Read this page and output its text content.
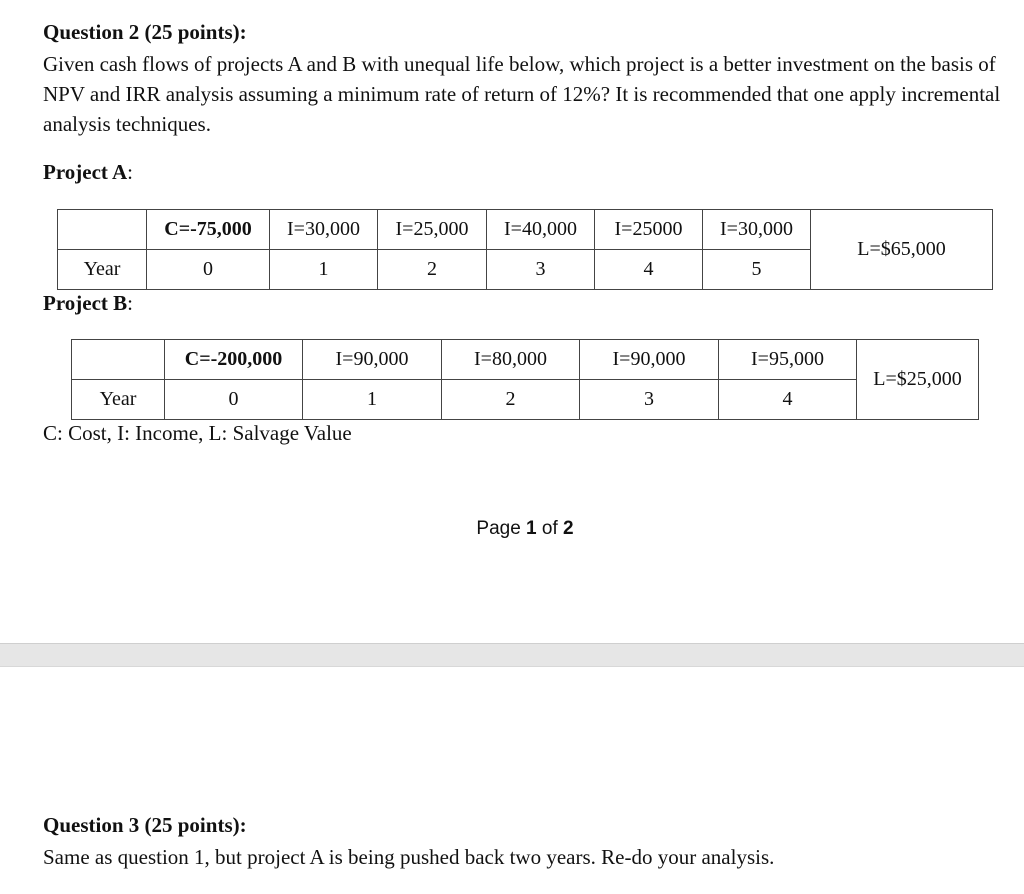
Question 2 (25 points):
Given cash flows of projects A and B with unequal life below, which project is a better investment on the basis of NPV and IRR analysis assuming a minimum rate of return of 12%? It is recommended that one apply incremental analysis techniques.
Project A:
	C=-75,000	I=30,000	I=25,000	I=40,000	I=25000	I=30,000	L=$65,000
Year	0	1	2	3	4	5	
Project B:
	C=-200,000	I=90,000	I=80,000	I=90,000	I=95,000	L=$25,000
Year	0	1	2	3	4	
C: Cost, I: Income, L: Salvage Value
Page 1 of 2
Question 3 (25 points):
Same as question 1, but project A is being pushed back two years. Re-do your analysis.
